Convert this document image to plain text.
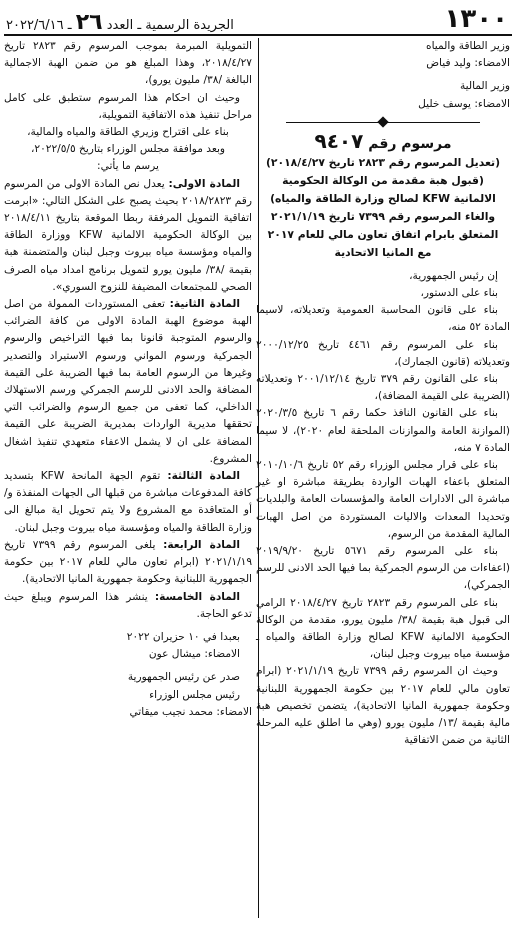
١٣٠٠
الجريدة الرسمية ـ العدد ٢٦ ـ ٢٠٢٢/٦/١٦

وزير الطاقة والمياه

الامضاء: وليد فياض

وزير المالية

الامضاء: يوسف خليل

مرسوم رقم ٩٤٠٧

(تعديل المرسوم رقم ٢٨٢٣ تاريخ ٢٠١٨/٤/٢٧)

(قبول هبة مقدمة من الوكالة الحكومية

الالمانية KFW لصالح وزارة الطاقة والمياه)

والغاء المرسوم رقم ٧٣٩٩ تاريخ ٢٠٢١/١/١٩

المتعلق بابرام اتفاق تعاون مالي للعام ٢٠١٧

مع المانيا الاتحادية

إن رئيس الجمهورية،

بناء على الدستور،

بناء على قانون المحاسبة العمومية وتعديلاته، لاسيما المادة ٥٢ منه،

بناء على المرسوم رقم ٤٤٦١ تاريخ ٢٠٠٠/١٢/٢٥ وتعديلاته (قانون الجمارك)،

بناء على القانون رقم ٣٧٩ تاريخ ٢٠٠١/١٢/١٤ وتعديلاته (الضريبة على القيمة المضافة)،

بناء على القانون النافذ حكما رقم ٦ تاريخ ٢٠٢٠/٣/٥ (الموازنة العامة والموازنات الملحقة لعام ٢٠٢٠)، لا سيما المادة ٧ منه،

بناء على قرار مجلس الوزراء رقم ٥٢ تاريخ ٢٠١٠/١٠/٦ المتعلق باعفاء الهبات الواردة بطريقة مباشرة او غير مباشرة الى الادارات العامة والمؤسسات العامة والبلديات وتحديدا المعدات والاليات المستوردة من اصل الهبات المالية المقدمة من الرسوم،

بناء على المرسوم رقم ٥٦٧١ تاريخ ٢٠١٩/٩/٢٠ (اعفاءات من الرسوم الجمركية بما فيها الحد الادنى للرسم الجمركي)،

بناء على المرسوم رقم ٢٨٢٣ تاريخ ٢٠١٨/٤/٢٧ الرامي الى قبول هبة بقيمة /٣٨/ مليون يورو، مقدمة من الوكالة الحكومية الالمانية KFW لصالح وزارة الطاقة والمياه ـ مؤسسة مياه بيروت وجبل لبنان،

وحيث ان المرسوم رقم ٧٣٩٩ تاريخ ٢٠٢١/١/١٩ (ابرام تعاون مالي للعام ٢٠١٧ بين حكومة الجمهورية اللبنانية وحكومة جمهورية المانيا الاتحادية)، يتضمن تخصيص هبة مالية بقيمة /١٣/ مليون يورو (وهي ما اطلق عليه المرحلة الثانية من ضمن الاتفاقية

التمويلية المبرمة بموجب المرسوم رقم ٢٨٢٣ تاريخ ٢٠١٨/٤/٢٧، وهذا المبلغ هو من ضمن الهبة الاجمالية البالغة /٣٨/ مليون يورو)،

وحيث ان احكام هذا المرسوم ستطبق على كامل مراحل تنفيذ هذه الاتفاقية التمويلية،

بناء على اقتراح وزيري الطاقة والمياه والمالية،

وبعد موافقة مجلس الوزراء بتاريخ ٢٠٢٢/٥/٥،

يرسم ما يأتي:

المادة الاولى: يعدل نص المادة الاولى من المرسوم رقم ٢٠١٨/٢٨٢٣ بحيث يصبح على الشكل التالي: «ابرمت اتفاقية التمويل المرفقة ربطا الموقعة بتاريخ ٢٠١٨/٤/١١ بين الوكالة الحكومية الالمانية KFW ووزارة الطاقة والمياه ومؤسسة مياه بيروت وجبل لبنان والمتضمنة هبة بقيمة /٣٨/ مليون يورو لتمويل برنامج امداد مياه الصرف الصحي للمجتمعات المضيفة للنزوح السوري».

المادة الثانية: تعفى المستوردات الممولة من اصل الهبة موضوع الهبة المادة الاولى من كافة الضرائب والرسوم المتوجبة قانونا بما فيها التراخيص والرسوم الجمركية ورسوم المواني ورسوم الاستيراد والتصدير وغيرها من الرسوم العامة بما فيها الضريبة على القيمة المضافة والحد الادنى للرسم الجمركي ورسم الاستهلاك الداخلي، كما تعفى من جميع الرسوم والضرائب التي تحققها مديرية الواردات بمديرية الضريبة على القيمة المضافة على ان لا يشمل الاعفاء متعهدي تنفيذ اشغال المشروع.

المادة الثالثة: تقوم الجهة المانحة KFW بتسديد كافة المدفوعات مباشرة من قبلها الى الجهات المنفذة و/أو المتعاقدة مع المشروع ولا يتم تحويل اية مبالغ الى وزارة الطاقة والمياه ومؤسسة مياه بيروت وجبل لبنان.

المادة الرابعة: يلغى المرسوم رقم ٧٣٩٩ تاريخ ٢٠٢١/١/١٩ (ابرام تعاون مالي للعام ٢٠١٧ بين حكومة الجمهورية اللبنانية وحكومة جمهورية المانيا الاتحادية).

المادة الخامسة: ينشر هذا المرسوم ويبلغ حيث تدعو الحاجة.

بعبدا في ١٠ حزيران ٢٠٢٢

الامضاء: ميشال عون

صدر عن رئيس الجمهورية

رئيس مجلس الوزراء

الامضاء: محمد نجيب ميقاتي
